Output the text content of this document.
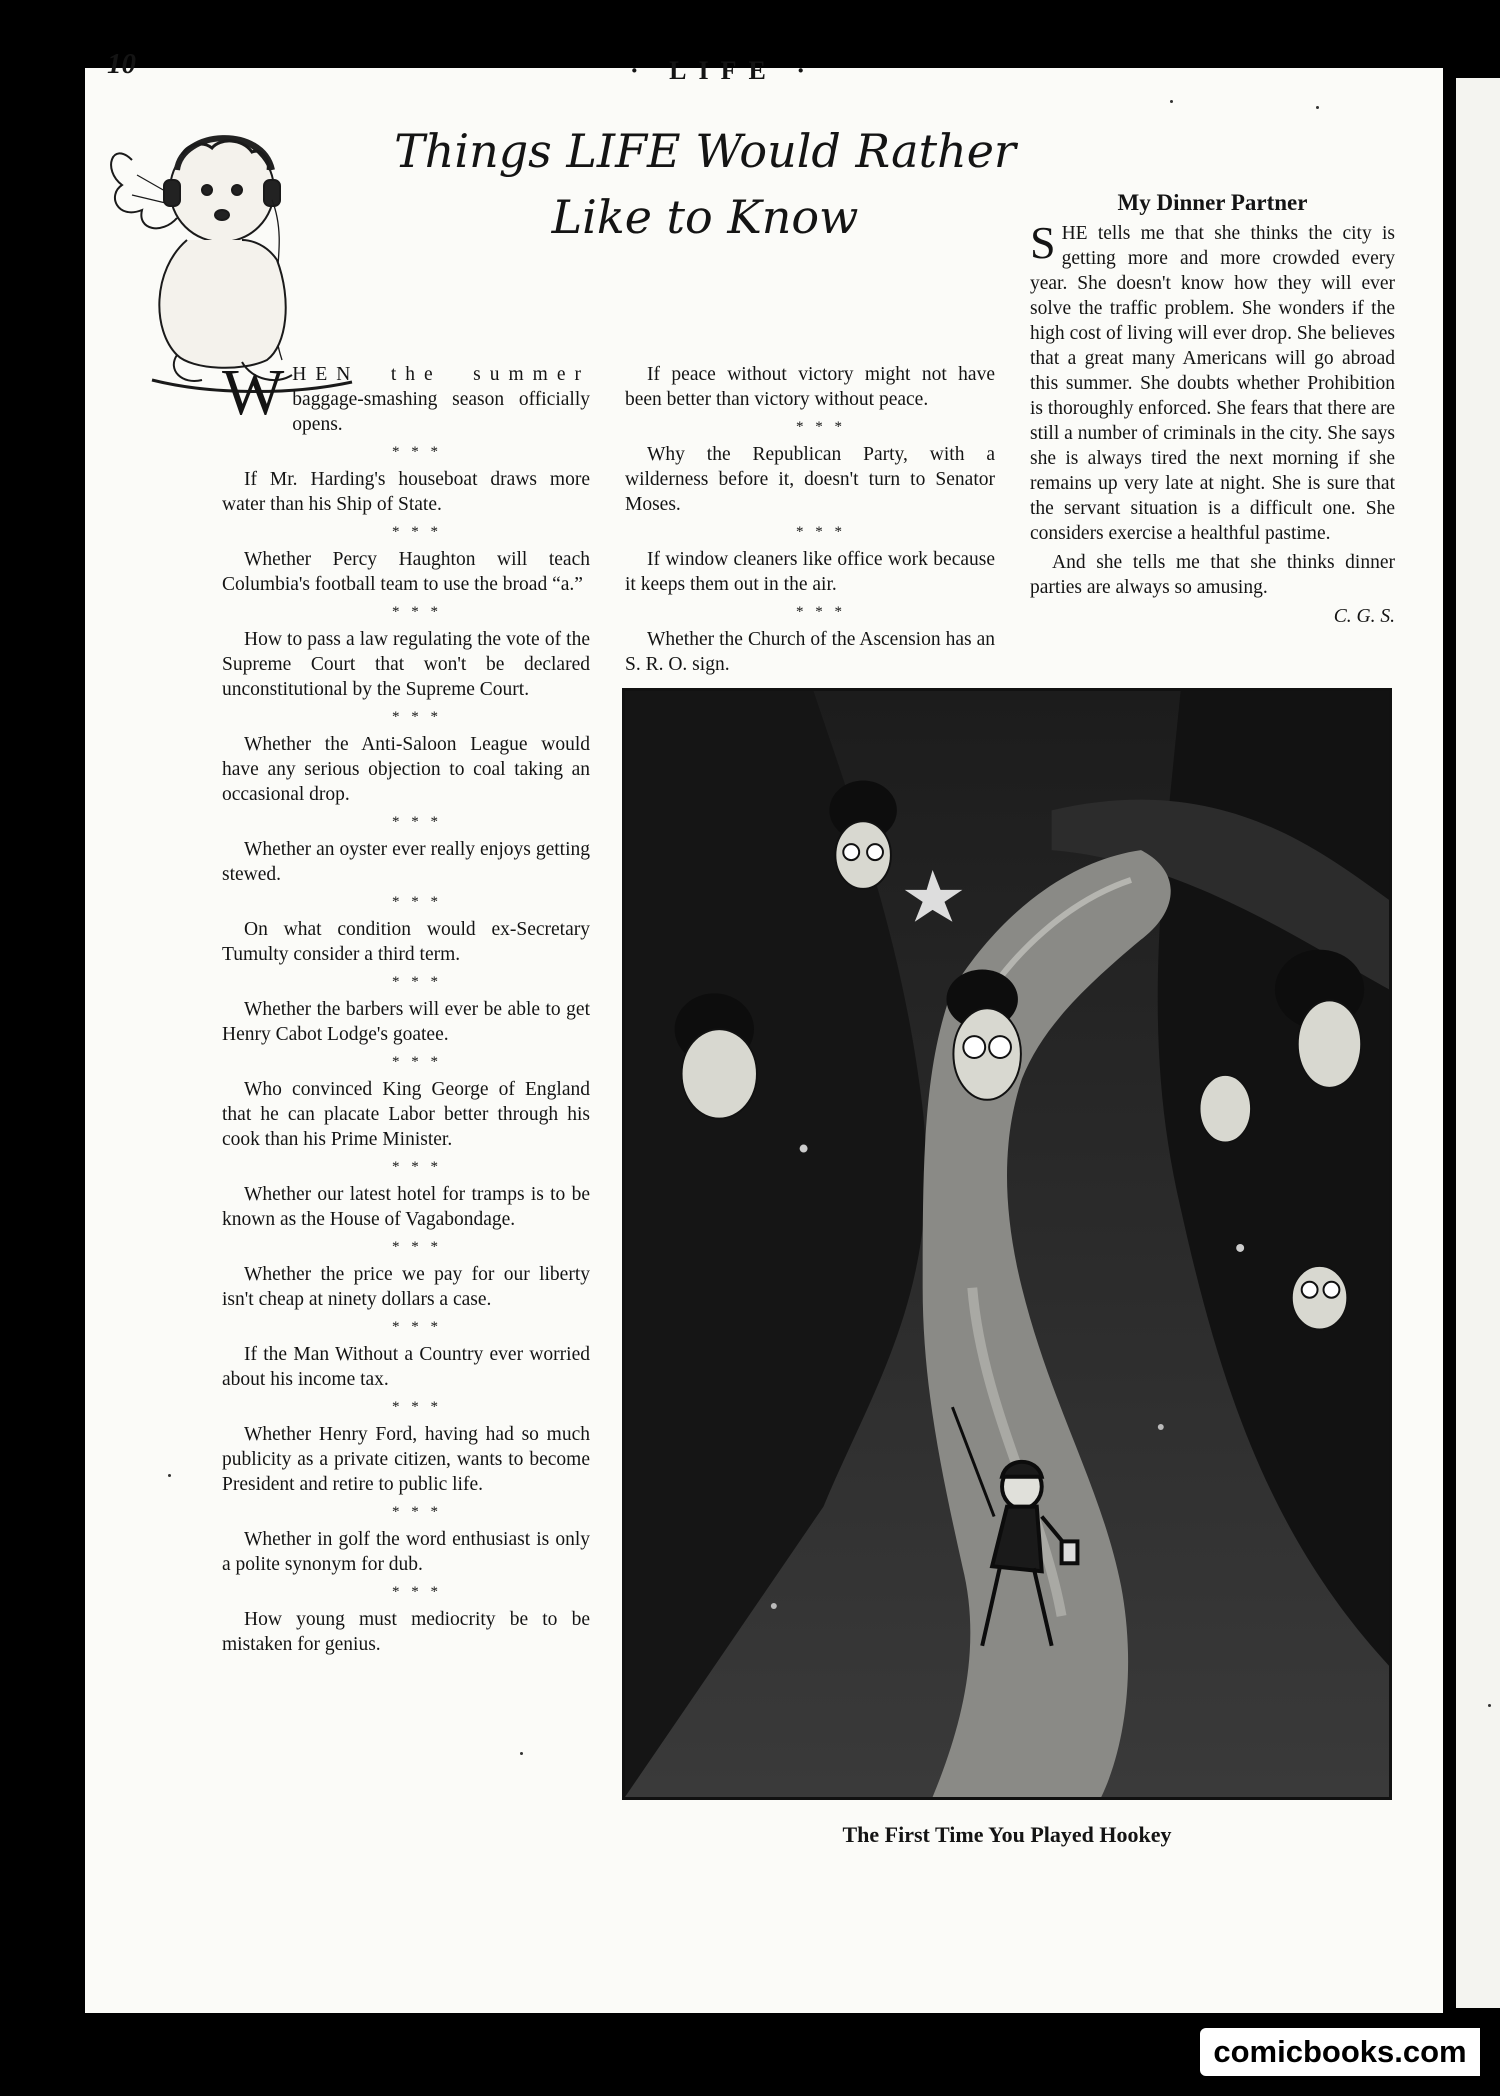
10	· LIFE ·
Things LIFE Would Rather
Like to Know

WHEN the summer baggage-smashing season officially opens.

* * *

If Mr. Harding's houseboat draws more water than his Ship of State.

* * *

Whether Percy Haughton will teach Columbia's football team to use the broad “a.”

* * *

How to pass a law regulating the vote of the Supreme Court that won't be declared unconstitutional by the Supreme Court.

* * *

Whether the Anti-Saloon League would have any serious objection to coal taking an occasional drop.

* * *

Whether an oyster ever really enjoys getting stewed.

* * *

On what condition would ex-Secretary Tumulty consider a third term.

* * *

Whether the barbers will ever be able to get Henry Cabot Lodge's goatee.

* * *

Who convinced King George of England that he can placate Labor better through his cook than his Prime Minister.

* * *

Whether our latest hotel for tramps is to be known as the House of Vagabondage.

* * *

Whether the price we pay for our liberty isn't cheap at ninety dollars a case.

* * *

If the Man Without a Country ever worried about his income tax.

* * *

Whether Henry Ford, having had so much publicity as a private citizen, wants to become President and retire to public life.

* * *

Whether in golf the word enthusiast is only a polite synonym for dub.

* * *

How young must mediocrity be to be mistaken for genius.

If peace without victory might not have been better than victory without peace.

* * *

Why the Republican Party, with a wilderness before it, doesn't turn to Senator Moses.

* * *

If window cleaners like office work because it keeps them out in the air.

* * *

Whether the Church of the Ascension has an S. R. O. sign.

My Dinner Partner

SHE tells me that she thinks the city is getting more and more crowded every year. She doesn't know how they will ever solve the traffic problem. She wonders if the high cost of living will ever drop. She believes that a great many Americans will go abroad this summer. She doubts whether Prohibition is thoroughly enforced. She fears that there are still a number of criminals in the city. She says she is always tired the next morning if she remains up very late at night. She is sure that the servant situation is a difficult one. She considers exercise a healthful pastime.

And she tells me that she thinks dinner parties are always so amusing.

C. G. S.

The First Time You Played Hookey
comicbooks.com
